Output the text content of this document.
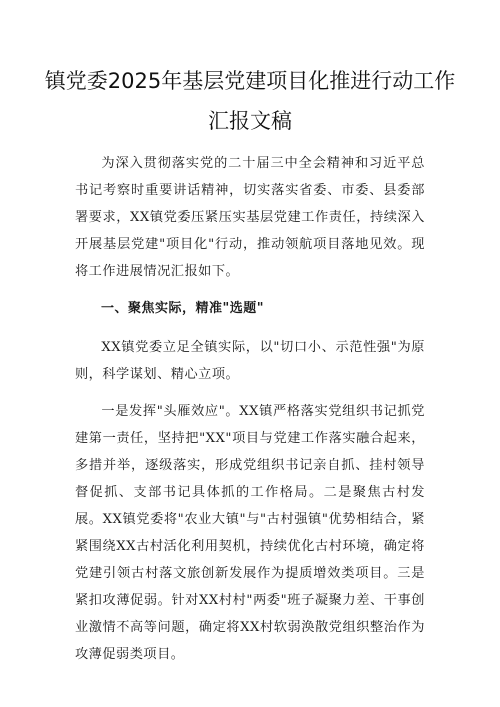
镇党委2025年基层党建项目化推进行动工作
汇报文稿

为深入贯彻落实党的二十届三中全会精神和习近平总书记考察时重要讲话精神，切实落实省委、市委、县委部署要求，XX镇党委压紧压实基层党建工作责任，持续深入开展基层党建"项目化"行动，推动领航项目落地见效。现将工作进展情况汇报如下。

一、聚焦实际，精准"选题"

XX镇党委立足全镇实际，以"切口小、示范性强"为原则，科学谋划、精心立项。

一是发挥"头雁效应"。XX镇严格落实党组织书记抓党建第一责任，坚持把"XX"项目与党建工作落实融合起来，多措并举，逐级落实，形成党组织书记亲自抓、挂村领导督促抓、支部书记具体抓的工作格局。二是聚焦古村发展。XX镇党委将"农业大镇"与"古村强镇"优势相结合，紧紧围绕XX古村活化利用契机，持续优化古村环境，确定将党建引领古村落文旅创新发展作为提质增效类项目。三是紧扣攻薄促弱。针对XX村村"两委"班子凝聚力差、干事创业激情不高等问题，确定将XX村软弱涣散党组织整治作为攻薄促弱类项目。
